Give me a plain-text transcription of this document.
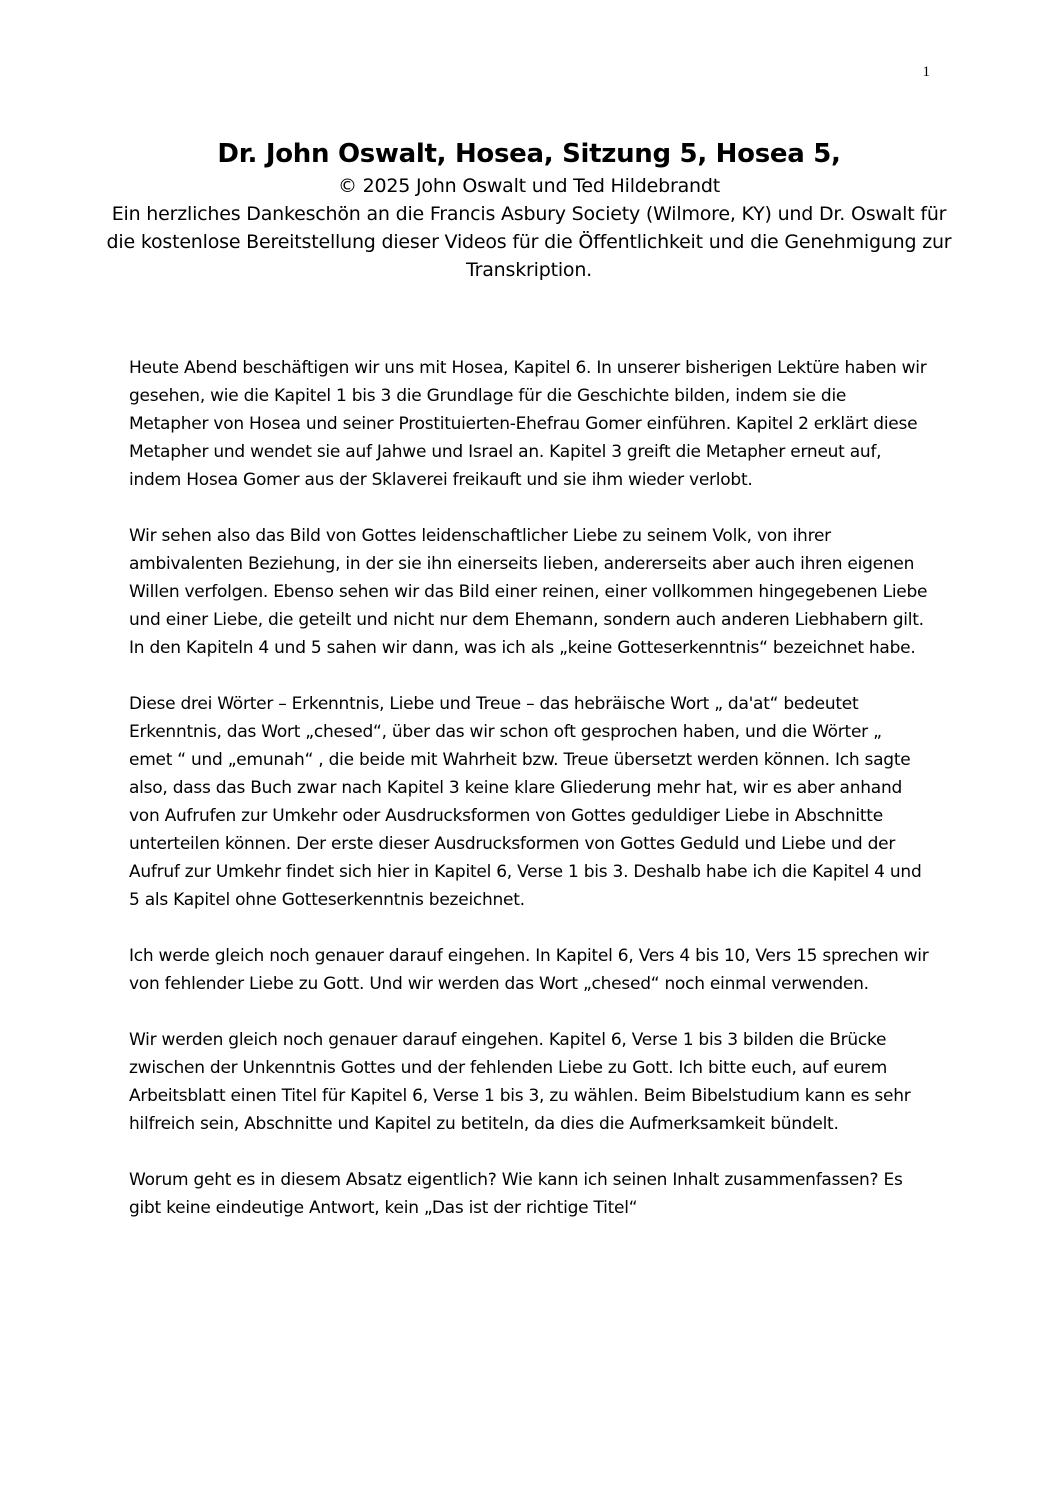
1

Dr. John Oswalt, Hosea, Sitzung 5, Hosea 5,

© 2025 John Oswalt und Ted Hildebrandt

Ein herzliches Dankeschön an die Francis Asbury Society (Wilmore, KY) und Dr. Oswalt für die kostenlose Bereitstellung dieser Videos für die Öffentlichkeit und die Genehmigung zur Transkription.

Heute Abend beschäftigen wir uns mit Hosea, Kapitel 6. In unserer bisherigen Lektüre haben wir gesehen, wie die Kapitel 1 bis 3 die Grundlage für die Geschichte bilden, indem sie die Metapher von Hosea und seiner Prostituierten-Ehefrau Gomer einführen. Kapitel 2 erklärt diese Metapher und wendet sie auf Jahwe und Israel an. Kapitel 3 greift die Metapher erneut auf, indem Hosea Gomer aus der Sklaverei freikauft und sie ihm wieder verlobt.

Wir sehen also das Bild von Gottes leidenschaftlicher Liebe zu seinem Volk, von ihrer ambivalenten Beziehung, in der sie ihn einerseits lieben, andererseits aber auch ihren eigenen Willen verfolgen. Ebenso sehen wir das Bild einer reinen, einer vollkommen hingegebenen Liebe und einer Liebe, die geteilt und nicht nur dem Ehemann, sondern auch anderen Liebhabern gilt. In den Kapiteln 4 und 5 sahen wir dann, was ich als „keine Gotteserkenntnis“ bezeichnet habe.

Diese drei Wörter – Erkenntnis, Liebe und Treue – das hebräische Wort „ da'at“ bedeutet Erkenntnis, das Wort „chesed“, über das wir schon oft gesprochen haben, und die Wörter „ emet “ und „emunah“ , die beide mit Wahrheit bzw. Treue übersetzt werden können. Ich sagte also, dass das Buch zwar nach Kapitel 3 keine klare Gliederung mehr hat, wir es aber anhand von Aufrufen zur Umkehr oder Ausdrucksformen von Gottes geduldiger Liebe in Abschnitte unterteilen können. Der erste dieser Ausdrucksformen von Gottes Geduld und Liebe und der Aufruf zur Umkehr findet sich hier in Kapitel 6, Verse 1 bis 3. Deshalb habe ich die Kapitel 4 und 5 als Kapitel ohne Gotteserkenntnis bezeichnet.

Ich werde gleich noch genauer darauf eingehen. In Kapitel 6, Vers 4 bis 10, Vers 15 sprechen wir von fehlender Liebe zu Gott. Und wir werden das Wort „chesed“ noch einmal verwenden.

Wir werden gleich noch genauer darauf eingehen. Kapitel 6, Verse 1 bis 3 bilden die Brücke zwischen der Unkenntnis Gottes und der fehlenden Liebe zu Gott. Ich bitte euch, auf eurem Arbeitsblatt einen Titel für Kapitel 6, Verse 1 bis 3, zu wählen. Beim Bibelstudium kann es sehr hilfreich sein, Abschnitte und Kapitel zu betiteln, da dies die Aufmerksamkeit bündelt.

Worum geht es in diesem Absatz eigentlich? Wie kann ich seinen Inhalt zusammenfassen? Es gibt keine eindeutige Antwort, kein „Das ist der richtige Titel“
